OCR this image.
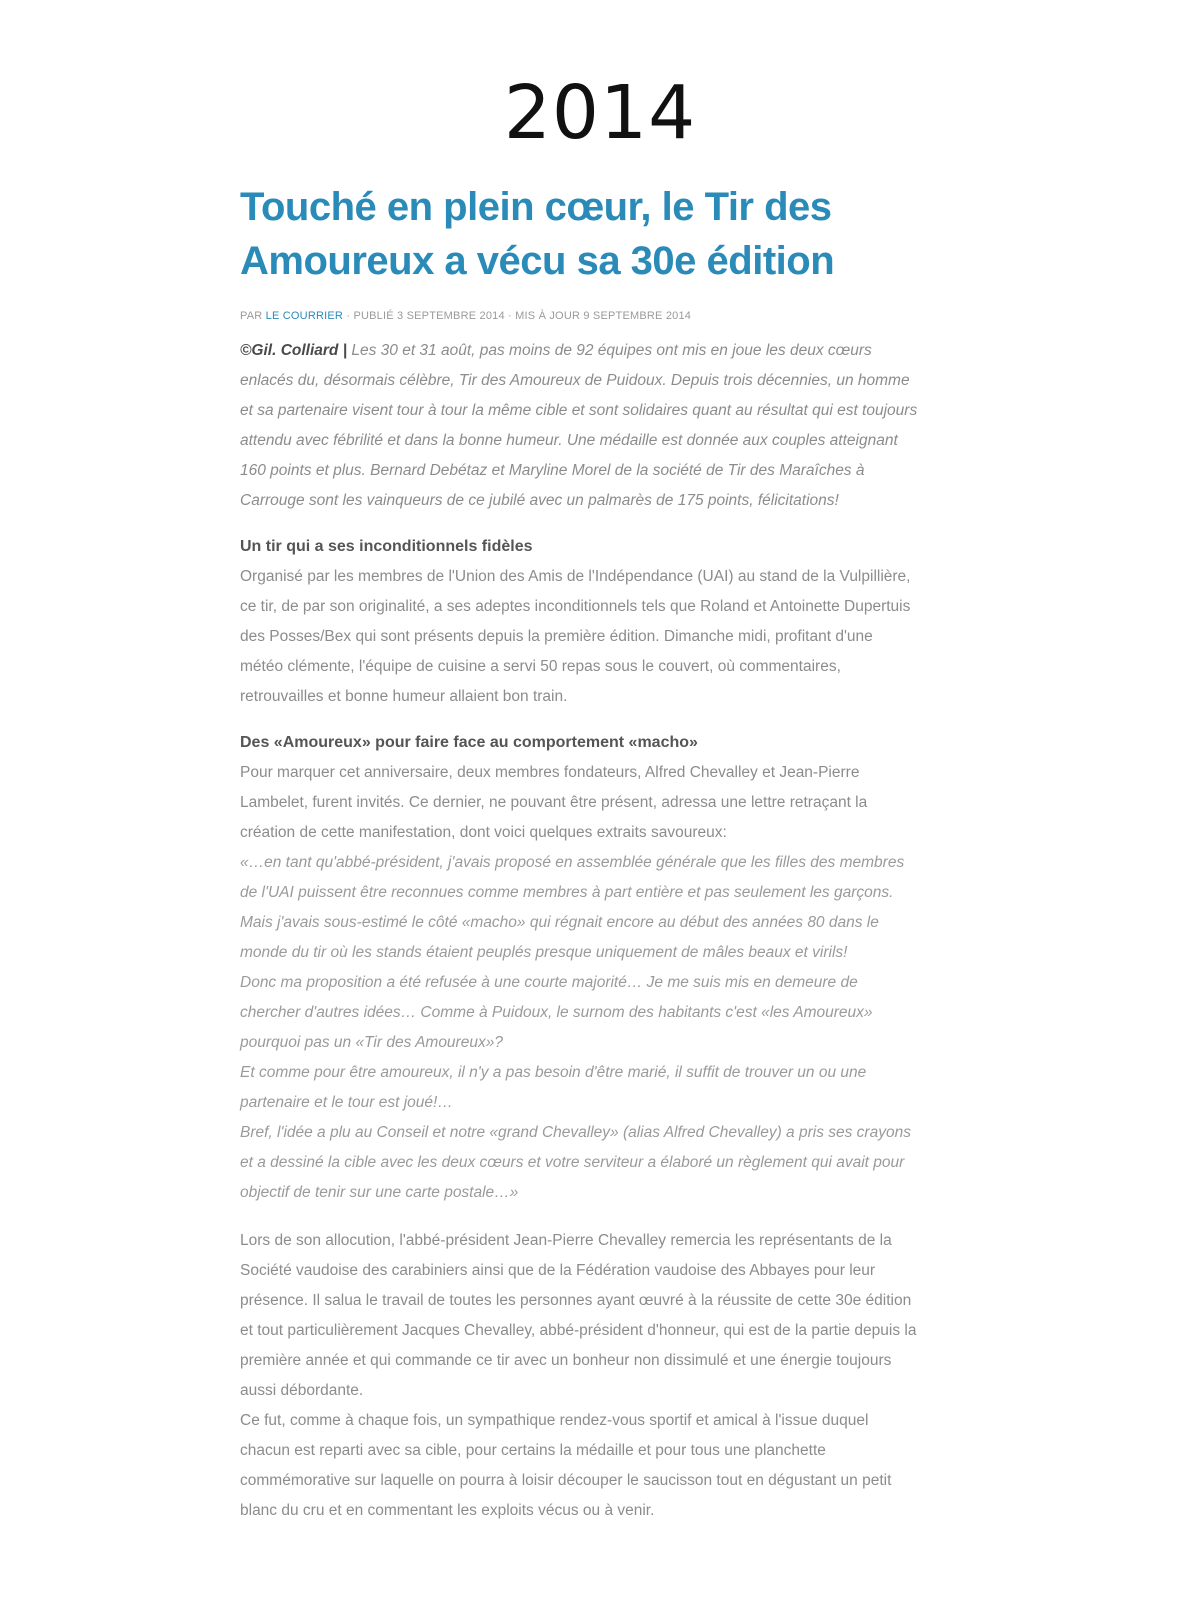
2014
Touché en plein cœur, le Tir des Amoureux a vécu sa 30e édition
PAR LE COURRIER · PUBLIÉ 3 SEPTEMBRE 2014 · MIS À JOUR 9 SEPTEMBRE 2014

©Gil. Colliard | Les 30 et 31 août, pas moins de 92 équipes ont mis en joue les deux cœurs enlacés du, désormais célèbre, Tir des Amoureux de Puidoux. Depuis trois décennies, un homme et sa partenaire visent tour à tour la même cible et sont solidaires quant au résultat qui est toujours attendu avec fébrilité et dans la bonne humeur. Une médaille est donnée aux couples atteignant 160 points et plus. Bernard Debétaz et Maryline Morel de la société de Tir des Maraîches à Carrouge sont les vainqueurs de ce jubilé avec un palmarès de 175 points, félicitations!

Un tir qui a ses inconditionnels fidèles

Organisé par les membres de l'Union des Amis de l'Indépendance (UAI) au stand de la Vulpillière, ce tir, de par son originalité, a ses adeptes inconditionnels tels que Roland et Antoinette Dupertuis des Posses/Bex qui sont présents depuis la première édition. Dimanche midi, profitant d'une météo clémente, l'équipe de cuisine a servi 50 repas sous le couvert, où commentaires, retrouvailles et bonne humeur allaient bon train.

Des «Amoureux» pour faire face au comportement «macho»

Pour marquer cet anniversaire, deux membres fondateurs, Alfred Chevalley et Jean-Pierre Lambelet, furent invités. Ce dernier, ne pouvant être présent, adressa une lettre retraçant la création de cette manifestation, dont voici quelques extraits savoureux:

«…en tant qu'abbé-président, j'avais proposé en assemblée générale que les filles des membres de l'UAI puissent être reconnues comme membres à part entière et pas seulement les garçons. Mais j'avais sous-estimé le côté «macho» qui régnait encore au début des années 80 dans le monde du tir où les stands étaient peuplés presque uniquement de mâles beaux et virils!

Donc ma proposition a été refusée à une courte majorité… Je me suis mis en demeure de chercher d'autres idées… Comme à Puidoux, le surnom des habitants c'est «les Amoureux» pourquoi pas un «Tir des Amoureux»?

Et comme pour être amoureux, il n'y a pas besoin d'être marié, il suffit de trouver un ou une partenaire et le tour est joué!…

Bref, l'idée a plu au Conseil et notre «grand Chevalley» (alias Alfred Chevalley) a pris ses crayons et a dessiné la cible avec les deux cœurs et votre serviteur a élaboré un règlement qui avait pour objectif de tenir sur une carte postale…»

Lors de son allocution, l'abbé-président Jean-Pierre Chevalley remercia les représentants de la Société vaudoise des carabiniers ainsi que de la Fédération vaudoise des Abbayes pour leur présence. Il salua le travail de toutes les personnes ayant œuvré à la réussite de cette 30e édition et tout particulièrement Jacques Chevalley, abbé-président d'honneur, qui est de la partie depuis la première année et qui commande ce tir avec un bonheur non dissimulé et une énergie toujours aussi débordante.

Ce fut, comme à chaque fois, un sympathique rendez-vous sportif et amical à l'issue duquel chacun est reparti avec sa cible, pour certains la médaille et pour tous une planchette commémorative sur laquelle on pourra à loisir découper le saucisson tout en dégustant un petit blanc du cru et en commentant les exploits vécus ou à venir.
